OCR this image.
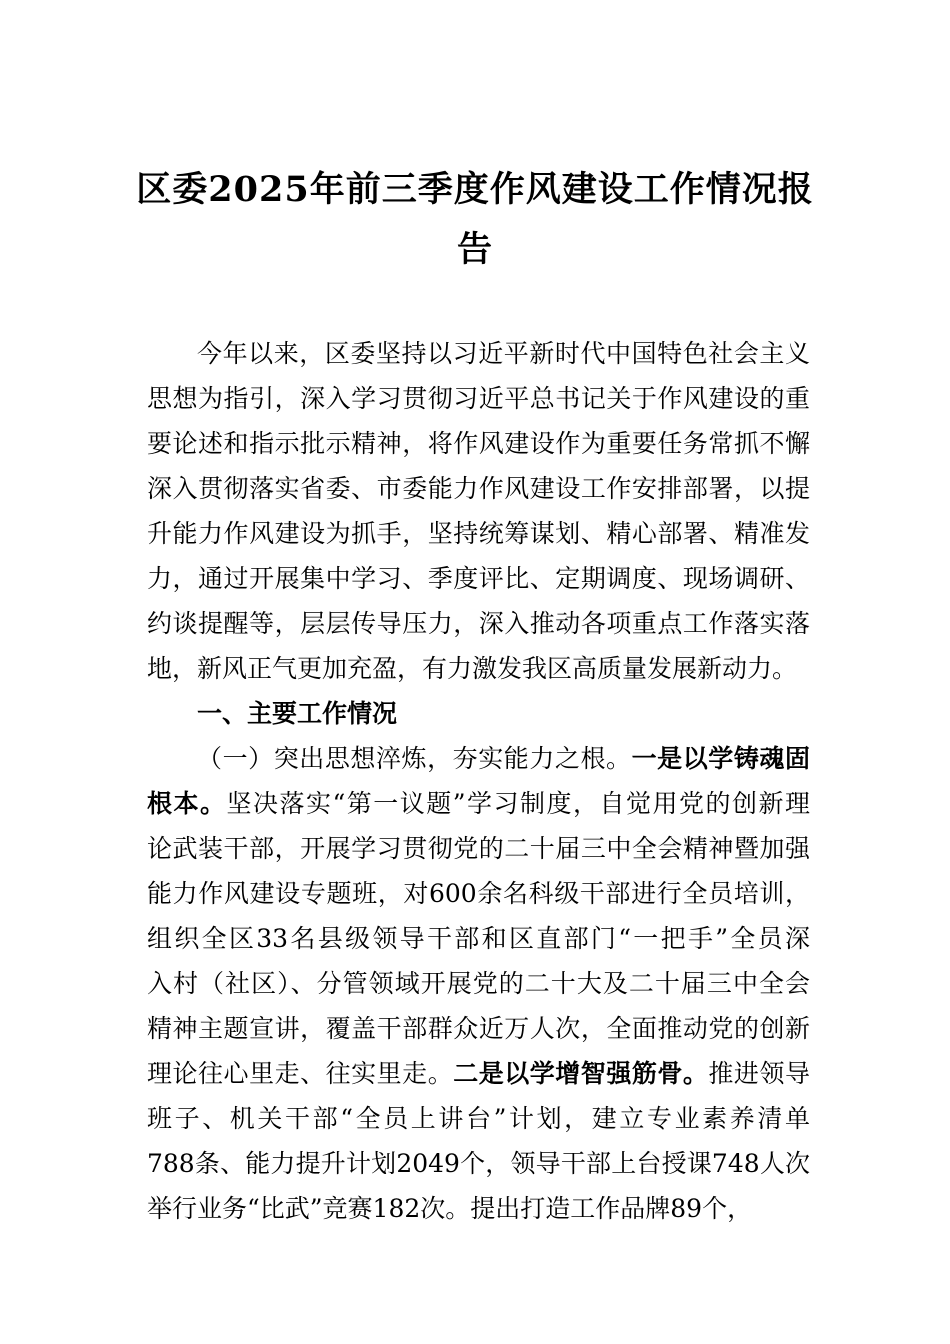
区委2025年前三季度作风建设工作情况报
告
今年以来，区委坚持以习近平新时代中国特色社会主义
思想为指引，深入学习贯彻习近平总书记关于作风建设的重
要论述和指示批示精神，将作风建设作为重要任务常抓不懈
深入贯彻落实省委、市委能力作风建设工作安排部署，以提
升能力作风建设为抓手，坚持统筹谋划、精心部署、精准发
力，通过开展集中学习、季度评比、定期调度、现场调研、
约谈提醒等，层层传导压力，深入推动各项重点工作落实落
地，新风正气更加充盈，有力激发我区高质量发展新动力。
一、主要工作情况
（一）突出思想淬炼，夯实能力之根。一是以学铸魂固
根本。坚决落实“第一议题”学习制度，自觉用党的创新理
论武装干部，开展学习贯彻党的二十届三中全会精神暨加强
能力作风建设专题班，对600余名科级干部进行全员培训，
组织全区33名县级领导干部和区直部门“一把手”全员深
入村（社区）、分管领域开展党的二十大及二十届三中全会
精神主题宣讲，覆盖干部群众近万人次，全面推动党的创新
理论往心里走、往实里走。二是以学增智强筋骨。推进领导
班子、机关干部“全员上讲台”计划，建立专业素养清单
788条、能力提升计划2049个，领导干部上台授课748人次
举行业务“比武”竞赛182次。提出打造工作品牌89个，
